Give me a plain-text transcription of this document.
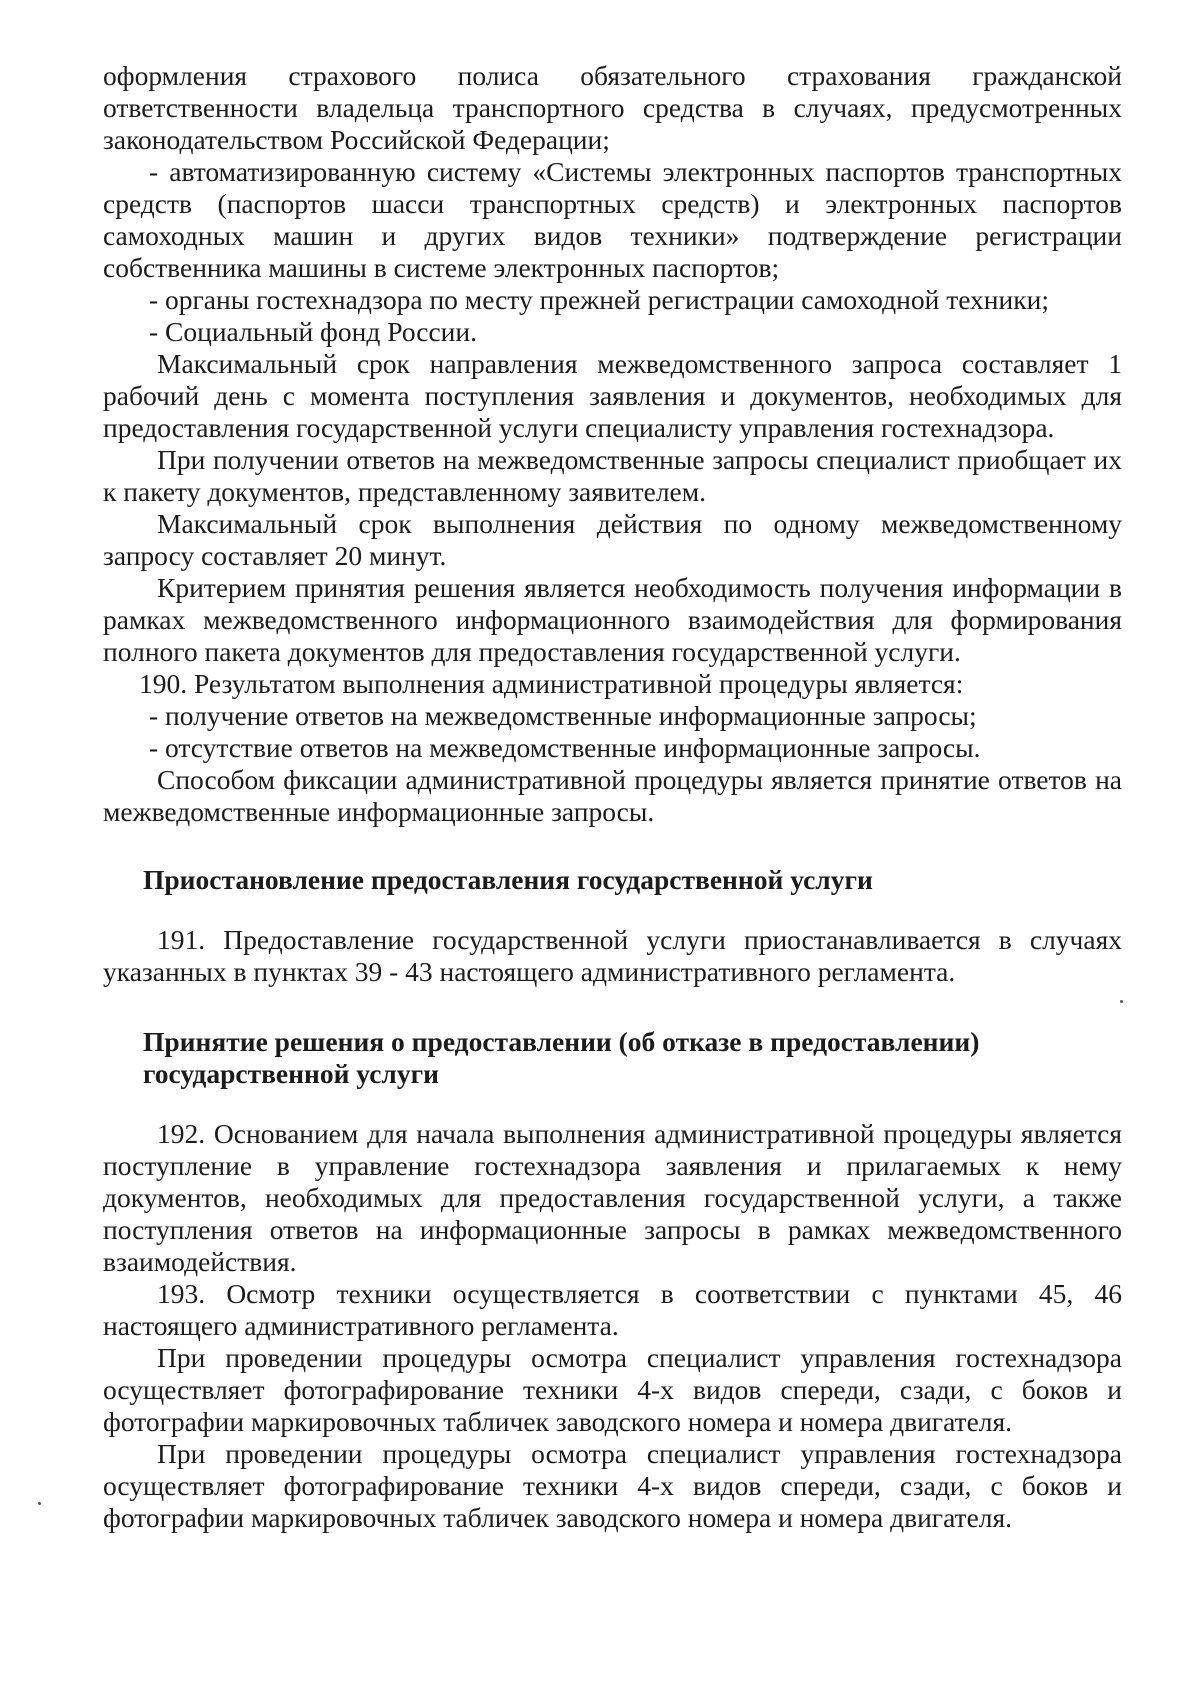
оформления страхового полиса обязательного страхования гражданской ответственности владельца транспортного средства в случаях, предусмотренных законодательством Российской Федерации;

- автоматизированную систему «Системы электронных паспортов транспортных средств (паспортов шасси транспортных средств) и электронных паспортов самоходных машин и других видов техники» подтверждение регистрации собственника машины в системе электронных паспортов;

- органы гостехнадзора по месту прежней регистрации самоходной техники;

- Социальный фонд России.

Максимальный срок направления межведомственного запроса составляет 1 рабочий день с момента поступления заявления и документов, необходимых для предоставления государственной услуги специалисту управления гостехнадзора.

При получении ответов на межведомственные запросы специалист приобщает их к пакету документов, представленному заявителем.

Максимальный срок выполнения действия по одному межведомственному запросу составляет 20 минут.

Критерием принятия решения является необходимость получения информации в рамках межведомственного информационного взаимодействия для формирования полного пакета документов для предоставления государственной услуги.

190. Результатом выполнения административной процедуры является:

- получение ответов на межведомственные информационные запросы;

- отсутствие ответов на межведомственные информационные запросы.

Способом фиксации административной процедуры является принятие ответов на межведомственные информационные запросы.

Приостановление предоставления государственной услуги

191. Предоставление государственной услуги приостанавливается в случаях указанных в пунктах 39 - 43 настоящего административного регламента.

Принятие решения о предоставлении (об отказе в предоставлении)

государственной услуги

192. Основанием для начала выполнения административной процедуры является поступление в управление гостехнадзора заявления и прилагаемых к нему документов, необходимых для предоставления государственной услуги, а также поступления ответов на информационные запросы в рамках межведомственного взаимодействия.

193. Осмотр техники осуществляется в соответствии с пунктами 45, 46 настоящего административного регламента.

При проведении процедуры осмотра специалист управления гостехнадзора осуществляет фотографирование техники 4-х видов спереди, сзади, с боков и фотографии маркировочных табличек заводского номера и номера двигателя.

При проведении процедуры осмотра специалист управления гостехнадзора осуществляет фотографирование техники 4-х видов спереди, сзади, с боков и фотографии маркировочных табличек заводского номера и номера двигателя.
